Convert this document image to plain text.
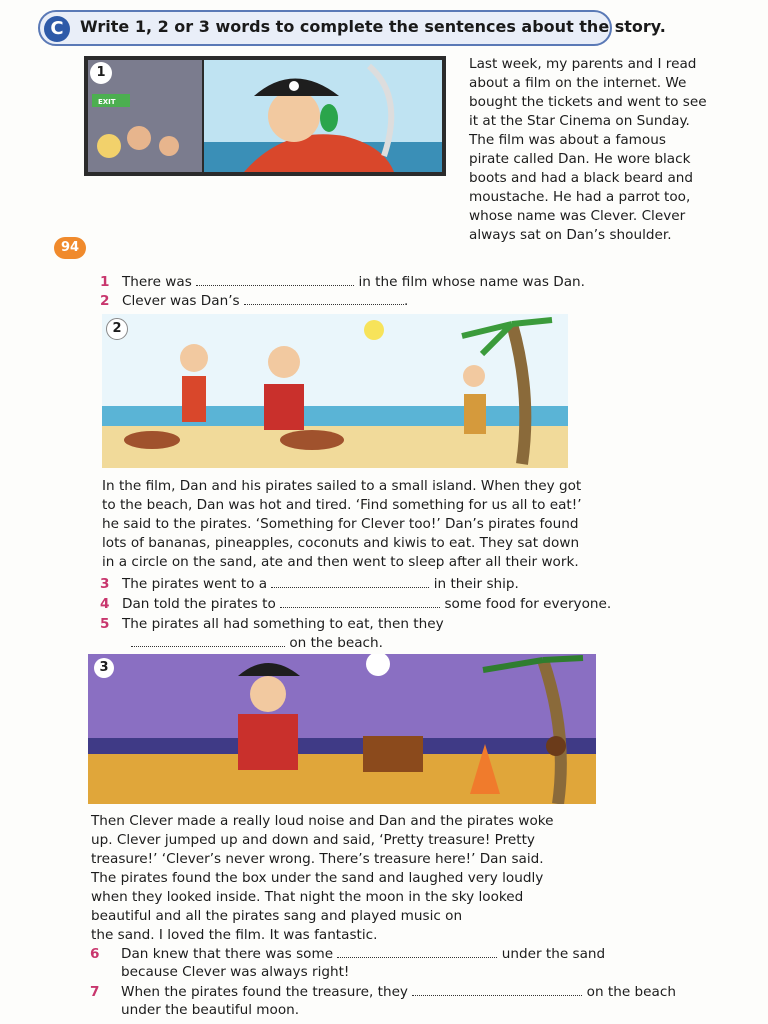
C	Write 1, 2 or 3 words to complete the sentences about the story.
1
EXIT
Last week, my parents and I read
about a film on the internet. We
bought the tickets and went to see
it at the Star Cinema on Sunday.
The film was about a famous
pirate called Dan. He wore black
boots and had a black beard and
moustache. He had a parrot too,
whose name was Clever. Clever
always sat on Dan’s shoulder.
94
1 There was	in the film whose name was Dan.
2 Clever was Dan’s	.
2
In the film, Dan and his pirates sailed to a small island. When they got
to the beach, Dan was hot and tired. ‘Find something for us all to eat!’
he said to the pirates. ‘Something for Clever too!’ Dan’s pirates found
lots of bananas, pineapples, coconuts and kiwis to eat. They sat down
in a circle on the sand, ate and then went to sleep after all their work.
3 The pirates went to a	in their ship.
4 Dan told the pirates to	some food for everyone.
5 The pirates all had something to eat, then they
on the beach.
3
Then Clever made a really loud noise and Dan and the pirates woke
up. Clever jumped up and down and said, ‘Pretty treasure! Pretty
treasure!’ ‘Clever’s never wrong. There’s treasure here!’ Dan said.
The pirates found the box under the sand and laughed very loudly
when they looked inside. That night the moon in the sky looked
beautiful and all the pirates sang and played music on
the sand. I loved the film. It was fantastic.
6 Dan knew that there was some	under the sand
because Clever was always right!
7 When the pirates found the treasure, they	on the beach
under the beautiful moon.
